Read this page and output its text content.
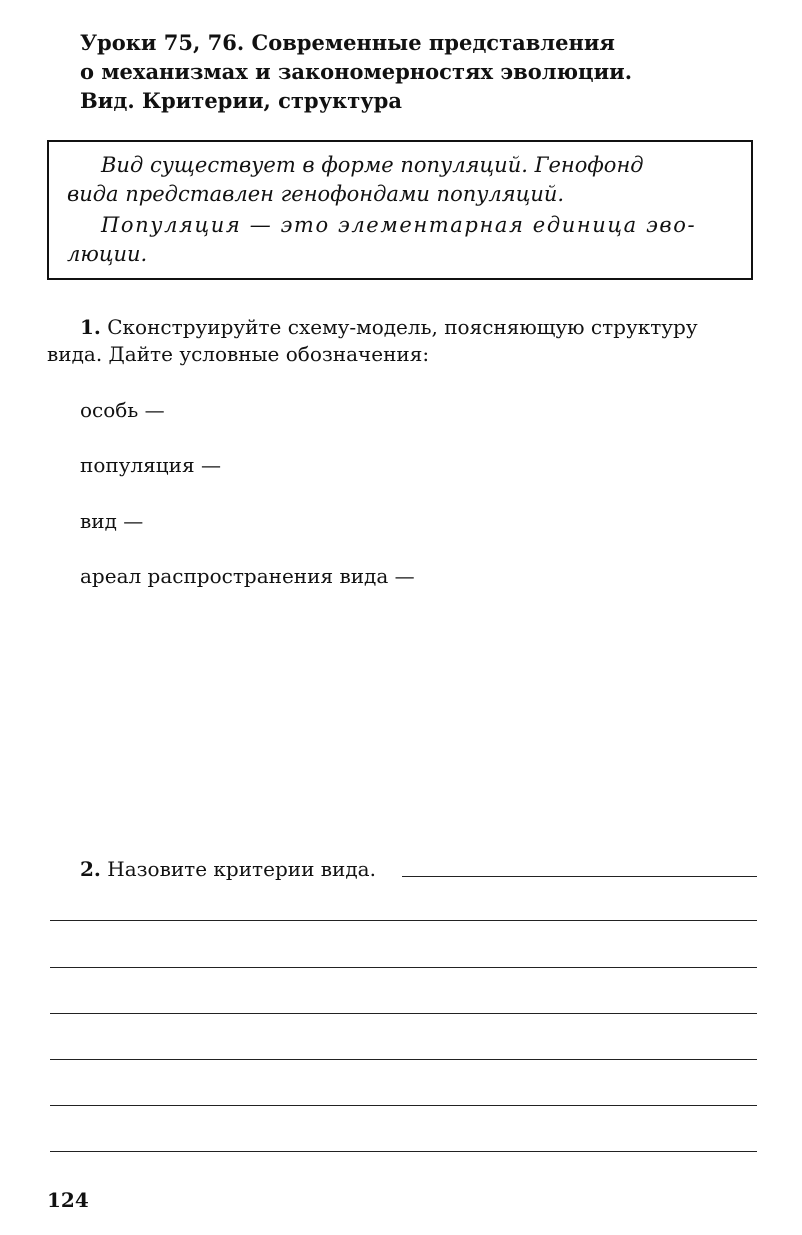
Уроки 75, 76. Современные представления
о механизмах и закономерностях эволюции.
Вид. Критерии, структура
Вид существует в форме популяций. Генофонд
вида представлен генофондами популяций.
Популяция — это элементарная единица эво-
люции.
1. Сконструируйте схему-модель, поясняющую структуру
вида. Дайте условные обозначения:
особь —
популяция —
вид —
ареал распространения вида —
2. Назовите критерии вида.
124
